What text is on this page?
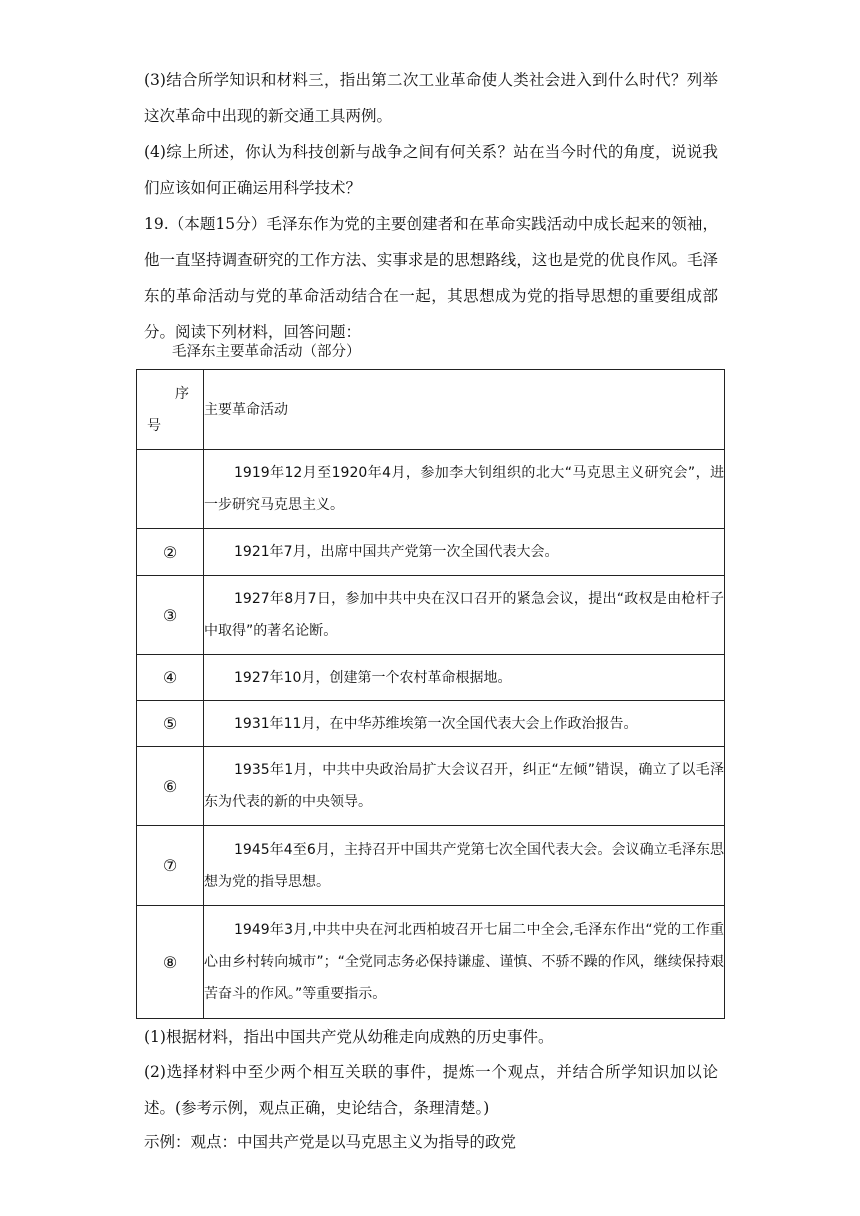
(3)结合所学知识和材料三，指出第二次工业革命使人类社会进入到什么时代？列举这次革命中出现的新交通工具两例。
(4)综上所述，你认为科技创新与战争之间有何关系？站在当今时代的角度，说说我们应该如何正确运用科学技术？
19.（本题15分）毛泽东作为党的主要创建者和在革命实践活动中成长起来的领袖，他一直坚持调查研究的工作方法、实事求是的思想路线，这也是党的优良作风。毛泽东的革命活动与党的革命活动结合在一起，其思想成为党的指导思想的重要组成部分。阅读下列材料，回答问题：
毛泽东主要革命活动（部分）
序
号	主要革命活动

	1919年12月至1920年4月，参加李大钊组织的北大“马克思主义研究会”，进一步研究马克思主义。

②	1921年7月，出席中国共产党第一次全国代表大会。

③	1927年8月7日，参加中共中央在汉口召开的紧急会议，提出“政权是由枪杆子中取得”的著名论断。

④	1927年10月，创建第一个农村革命根据地。

⑤	1931年11月，在中华苏维埃第一次全国代表大会上作政治报告。

⑥	1935年1月，中共中央政治局扩大会议召开，纠正“左倾”错误，确立了以毛泽东为代表的新的中央领导。

⑦	1945年4至6月，主持召开中国共产党第七次全国代表大会。会议确立毛泽东思想为党的指导思想。

⑧	1949年3月,中共中央在河北西柏坡召开七届二中全会,毛泽东作出“党的工作重心由乡村转向城市”；“全党同志务必保持谦虚、谨慎、不骄不躁的作风，继续保持艰苦奋斗的作风。”等重要指示。
(1)根据材料，指出中国共产党从幼稚走向成熟的历史事件。
(2)选择材料中至少两个相互关联的事件，提炼一个观点，并结合所学知识加以论述。(参考示例，观点正确，史论结合，条理清楚。)
示例：观点：中国共产党是以马克思主义为指导的政党
